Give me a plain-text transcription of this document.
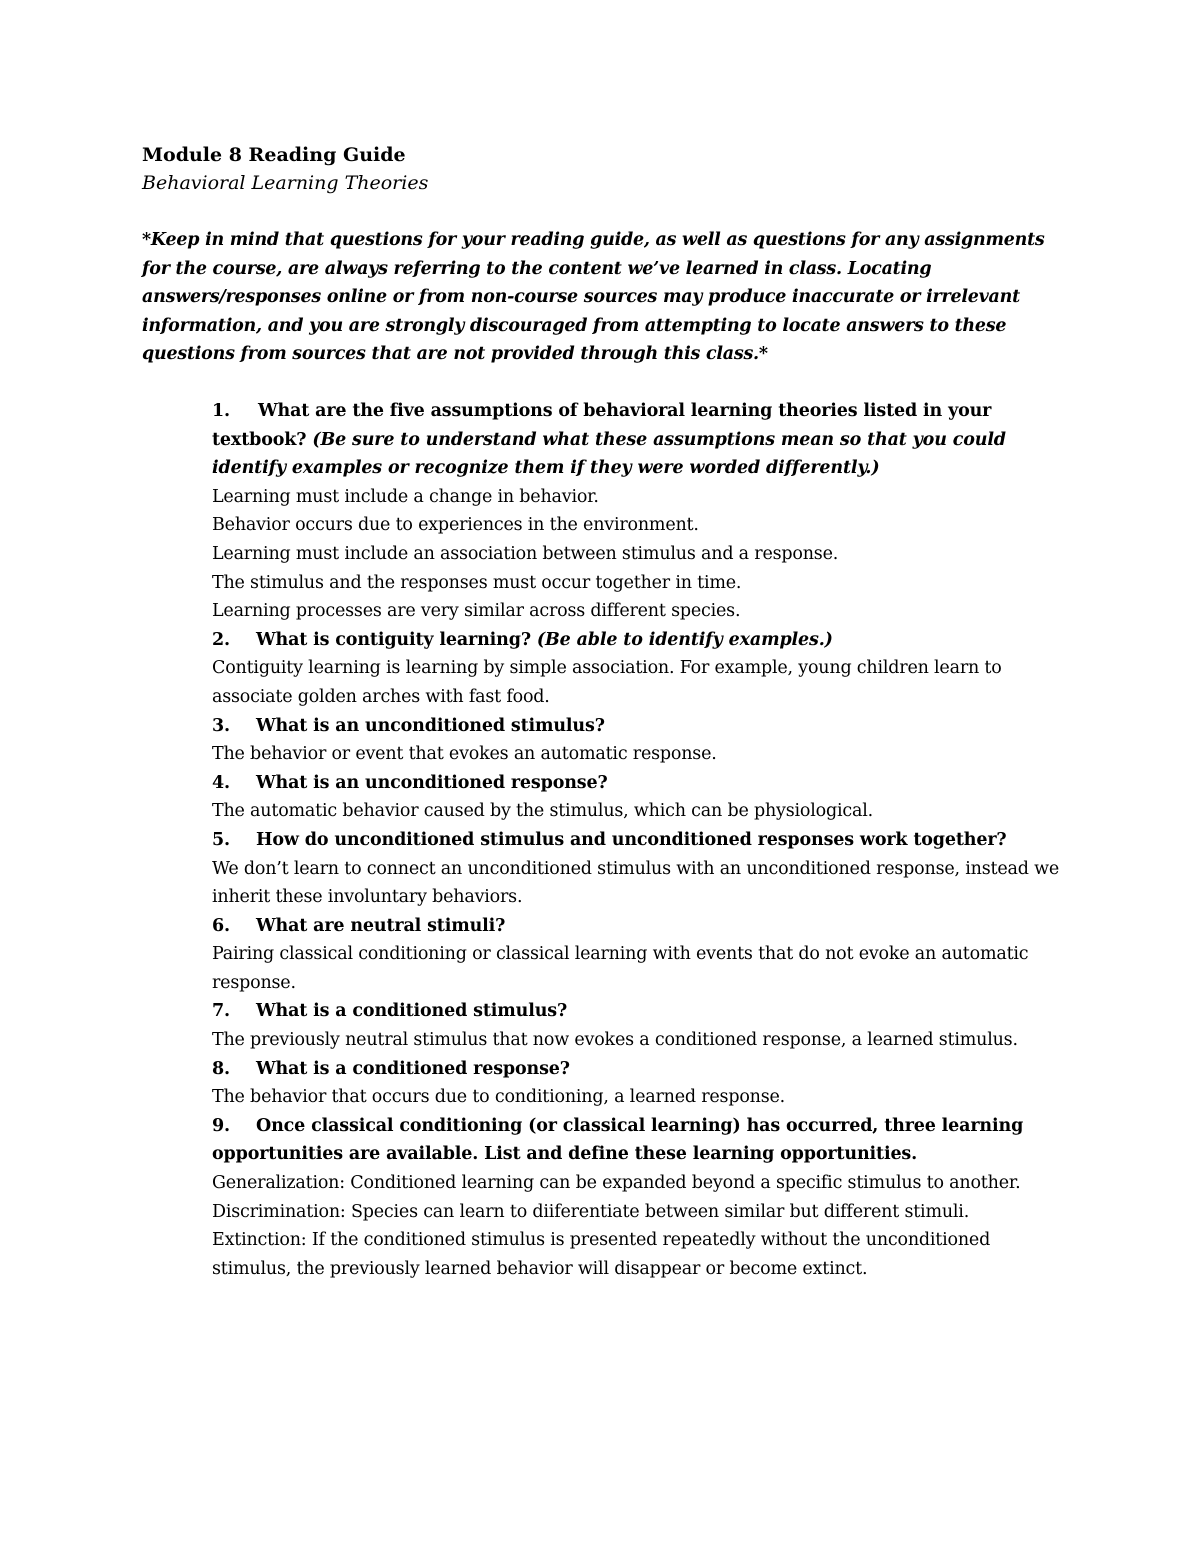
Module 8 Reading Guide

Behavioral Learning Theories

*Keep in mind that questions for your reading guide, as well as questions for any assignments for the course, are always referring to the content we’ve learned in class. Locating answers/responses online or from non-course sources may produce inaccurate or irrelevant information, and you are strongly discouraged from attempting to locate answers to these questions from sources that are not provided through this class.*

1. What are the five assumptions of behavioral learning theories listed in your textbook? (Be sure to understand what these assumptions mean so that you could identify examples or recognize them if they were worded differently.)

Learning must include a change in behavior.

Behavior occurs due to experiences in the environment.

Learning must include an association between stimulus and a response.

The stimulus and the responses must occur together in time.

Learning processes are very similar across different species.

2. What is contiguity learning? (Be able to identify examples.)

Contiguity learning is learning by simple association. For example, young children learn to associate golden arches with fast food.

3. What is an unconditioned stimulus?

The behavior or event that evokes an automatic response.

4. What is an unconditioned response?

The automatic behavior caused by the stimulus, which can be physiological.

5. How do unconditioned stimulus and unconditioned responses work together?

We don’t learn to connect an unconditioned stimulus with an unconditioned response, instead we inherit these involuntary behaviors.

6. What are neutral stimuli?

Pairing classical conditioning or classical learning with events that do not evoke an automatic response.

7. What is a conditioned stimulus?

The previously neutral stimulus that now evokes a conditioned response, a learned stimulus.

8. What is a conditioned response?

The behavior that occurs due to conditioning, a learned response.

9. Once classical conditioning (or classical learning) has occurred, three learning opportunities are available. List and define these learning opportunities.

Generalization: Conditioned learning can be expanded beyond a specific stimulus to another.

Discrimination: Species can learn to diiferentiate between similar but different stimuli.

Extinction: If the conditioned stimulus is presented repeatedly without the unconditioned stimulus, the previously learned behavior will disappear or become extinct.
